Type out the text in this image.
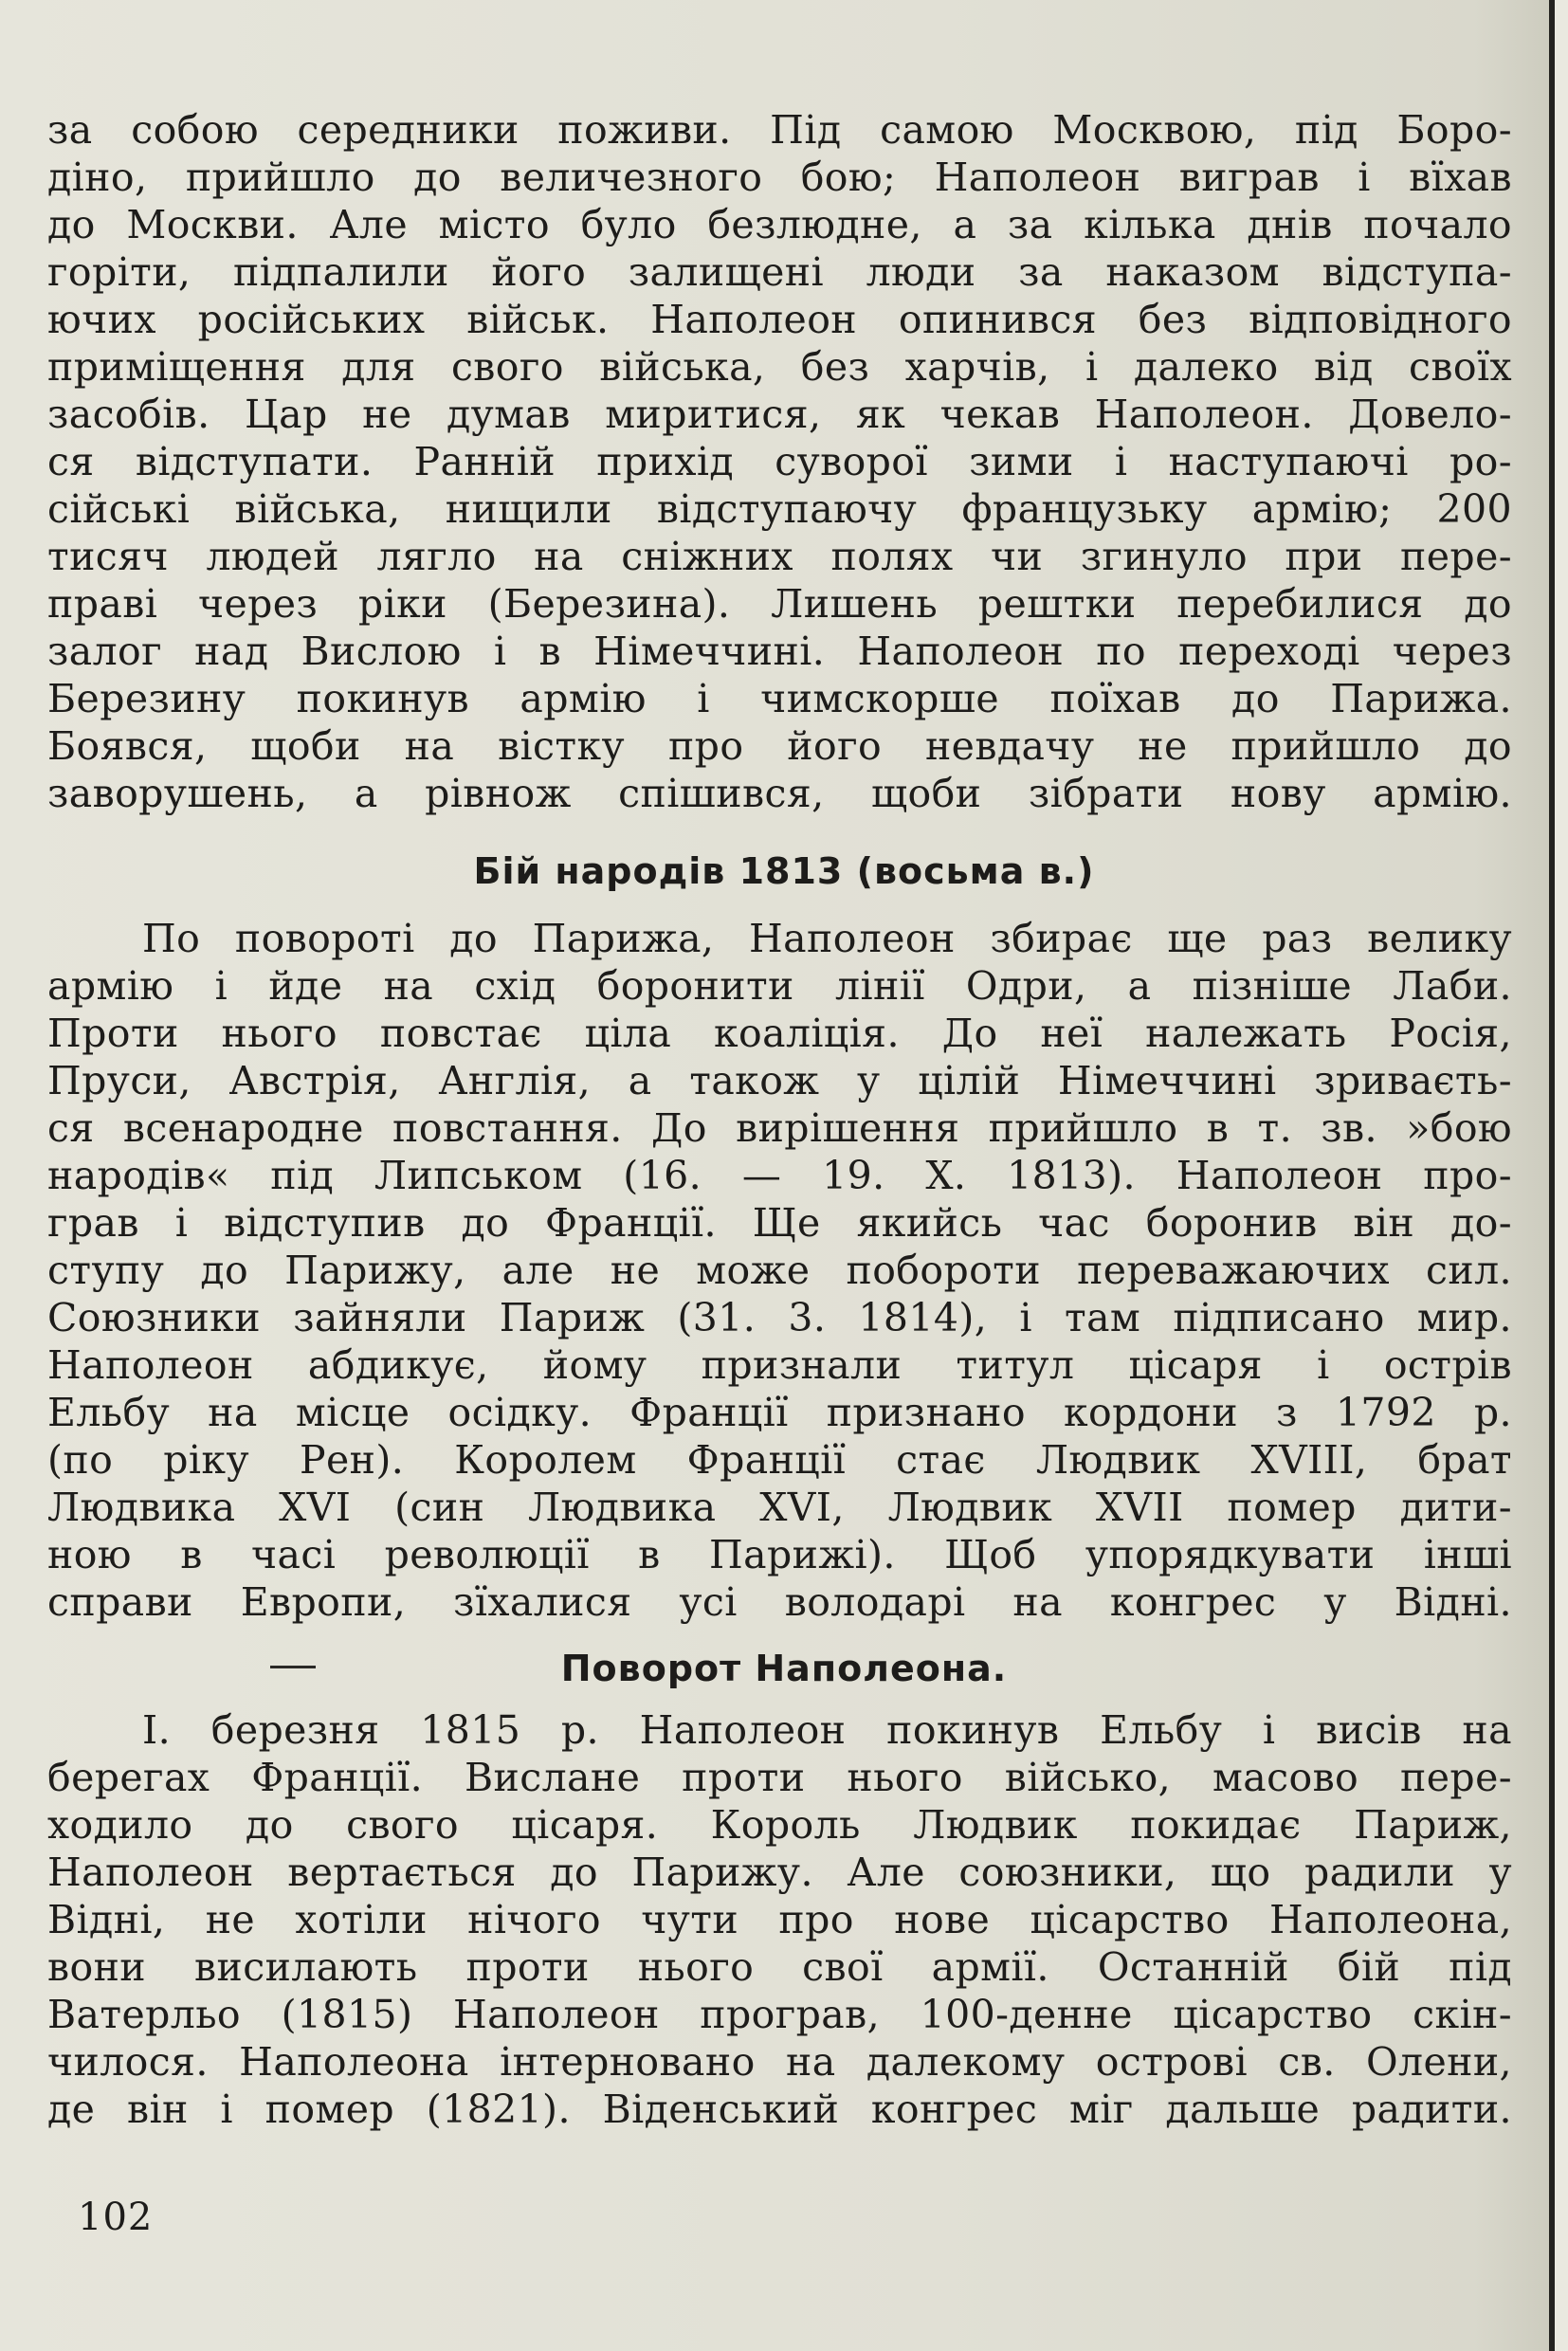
за собою середники поживи. Під самою Москвою, під Боро-
діно, прийшло до величезного бою; Наполеон виграв і вїхав
до Москви. Але місто було безлюдне, а за кілька днів почало
горіти, підпалили його залищені люди за наказом відступа-
ючих російських військ. Наполеон опинився без відповідного
приміщення для свого війська, без харчів, і далеко від своїх
засобів. Цар не думав миритися, як чекав Наполеон. Довело-
ся відступати. Ранній прихід суворої зими і наступаючі ро-
сійські війська, нищили відступаючу французьку армію; 200
тисяч людей лягло на сніжних полях чи згинуло при пере-
праві через ріки (Березина). Лишень рештки перебилися до
залог над Вислою і в Німеччині. Наполеон по переході через
Березину покинув армію і чимскорше поїхав до Парижа.
Боявся, щоби на вістку про його невдачу не прийшло до
заворушень, а рівнож спішився, щоби зібрати нову армію.
Бій народів 1813 (восьма в.)
По повороті до Парижа, Наполеон збирає ще раз велику
армію і йде на схід боронити лінії Одри, а пізніше Лаби.
Проти нього повстає ціла коаліція. До неї належать Росія,
Пруси, Австрія, Англія, а також у цілій Німеччині зриваєть-
ся всенародне повстання. До вирішення прийшло в т. зв. »бою
народів« під Липськом (16. — 19. X. 1813). Наполеон про-
грав і відступив до Франції. Ще якийсь час боронив він до-
ступу до Парижу, але не може побороти переважаючих сил.
Союзники зайняли Париж (31. 3. 1814), і там підписано мир.
Наполеон абдикує, йому признали титул цісаря і острів
Ельбу на місце осідку. Франції признано кордони з 1792 р.
(по ріку Рен). Королем Франції стає Людвик XVIII, брат
Людвика XVI (син Людвика XVI, Людвик XVII помер дити-
ною в часі революції в Парижі). Щоб упорядкувати інші
справи Европи, зїхалися усі володарі на конгрес у Відні.
Поворот Наполеона.
I. березня 1815 р. Наполеон покинув Ельбу і висів на
берегах Франції. Вислане проти нього військо, масово пере-
ходило до свого цісаря. Король Людвик покидає Париж,
Наполеон вертається до Парижу. Але союзники, що радили у
Відні, не хотіли нічого чути про нове цісарство Наполеона,
вони висилають проти нього свої армії. Останній бій під
Ватерльо (1815) Наполеон програв, 100-денне цісарство скін-
чилося. Наполеона інтерновано на далекому острові св. Олени,
де він і помер (1821). Віденський конгрес міг дальше радити.
102
